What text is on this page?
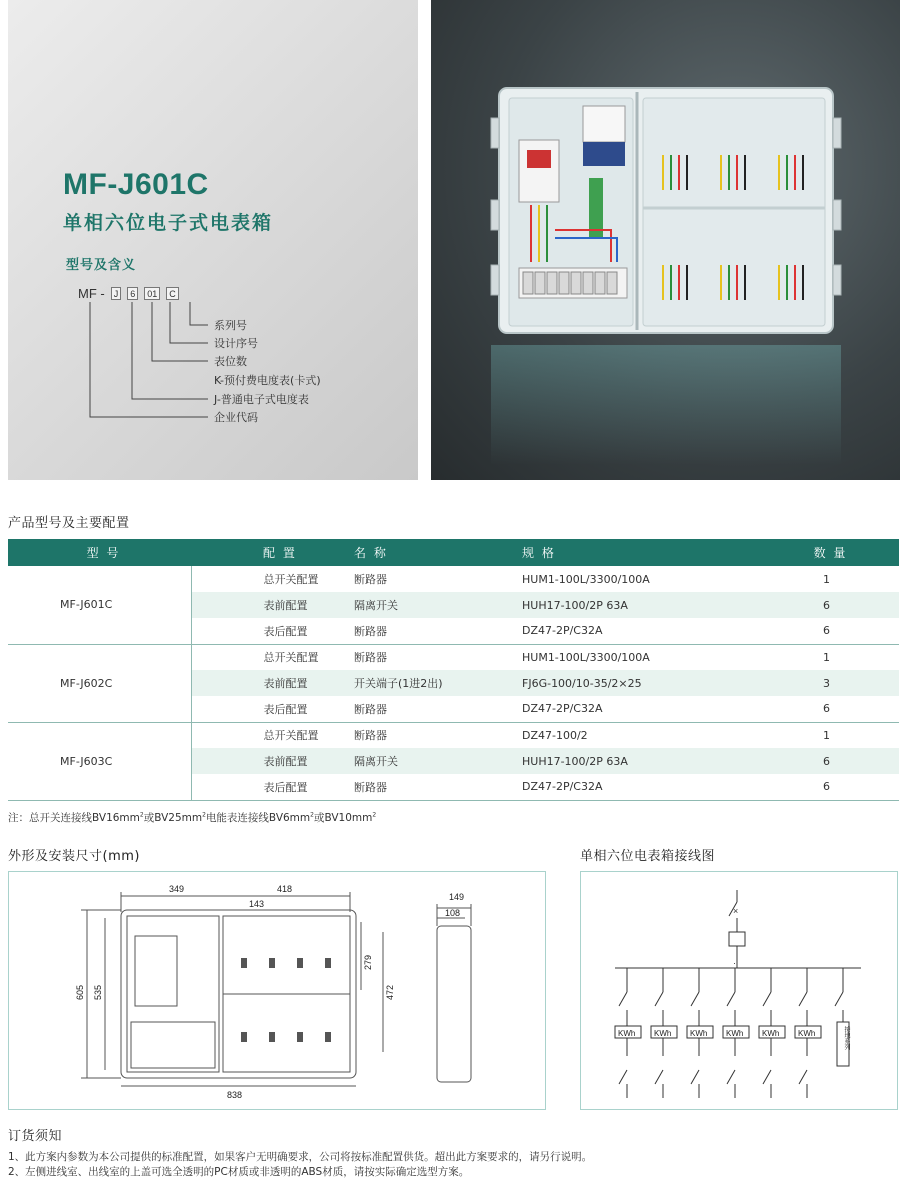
MF-J601C
单相六位电子式电表箱
型号及含义
MF -	J	6	01	C
系列号
设计序号
表位数
K-预付费电度表(卡式)
J-普通电子式电度表
企业代码
产品型号及主要配置
型 号	配 置	名 称	规 格	数 量
MF-J601C	总开关配置	断路器	HUM1-100L/3300/100A	1
	表前配置	隔离开关	HUH17-100/2P 63A	6
	表后配置	断路器	DZ47-2P/C32A	6
MF-J602C	总开关配置	断路器	HUM1-100L/3300/100A	1
	表前配置	开关端子(1进2出)	FJ6G-100/10-35/2×25	3
	表后配置	断路器	DZ47-2P/C32A	6
MF-J603C	总开关配置	断路器	DZ47-100/2	1
	表前配置	隔离开关	HUH17-100/2P 63A	6
	表后配置	断路器	DZ47-2P/C32A	6
注：总开关连接线$BV16mm^2$或$BV25mm^2$电能表连接线$BV6mm^2$或$BV10mm^2$
外形及安装尺寸(mm)
349	418
143
605 535
279
472
838
149
108
单相六位电表箱接线图
×
·
KWh KWh KWh KWh KWh KWh	接地系列
订货须知
1、此方案内参数为本公司提供的标准配置，如果客户无明确要求，公司将按标准配置供货。超出此方案要求的，请另行说明。
2、左侧进线室、出线室的上盖可选全透明的PC材质或非透明的ABS材质，请按实际确定选型方案。
